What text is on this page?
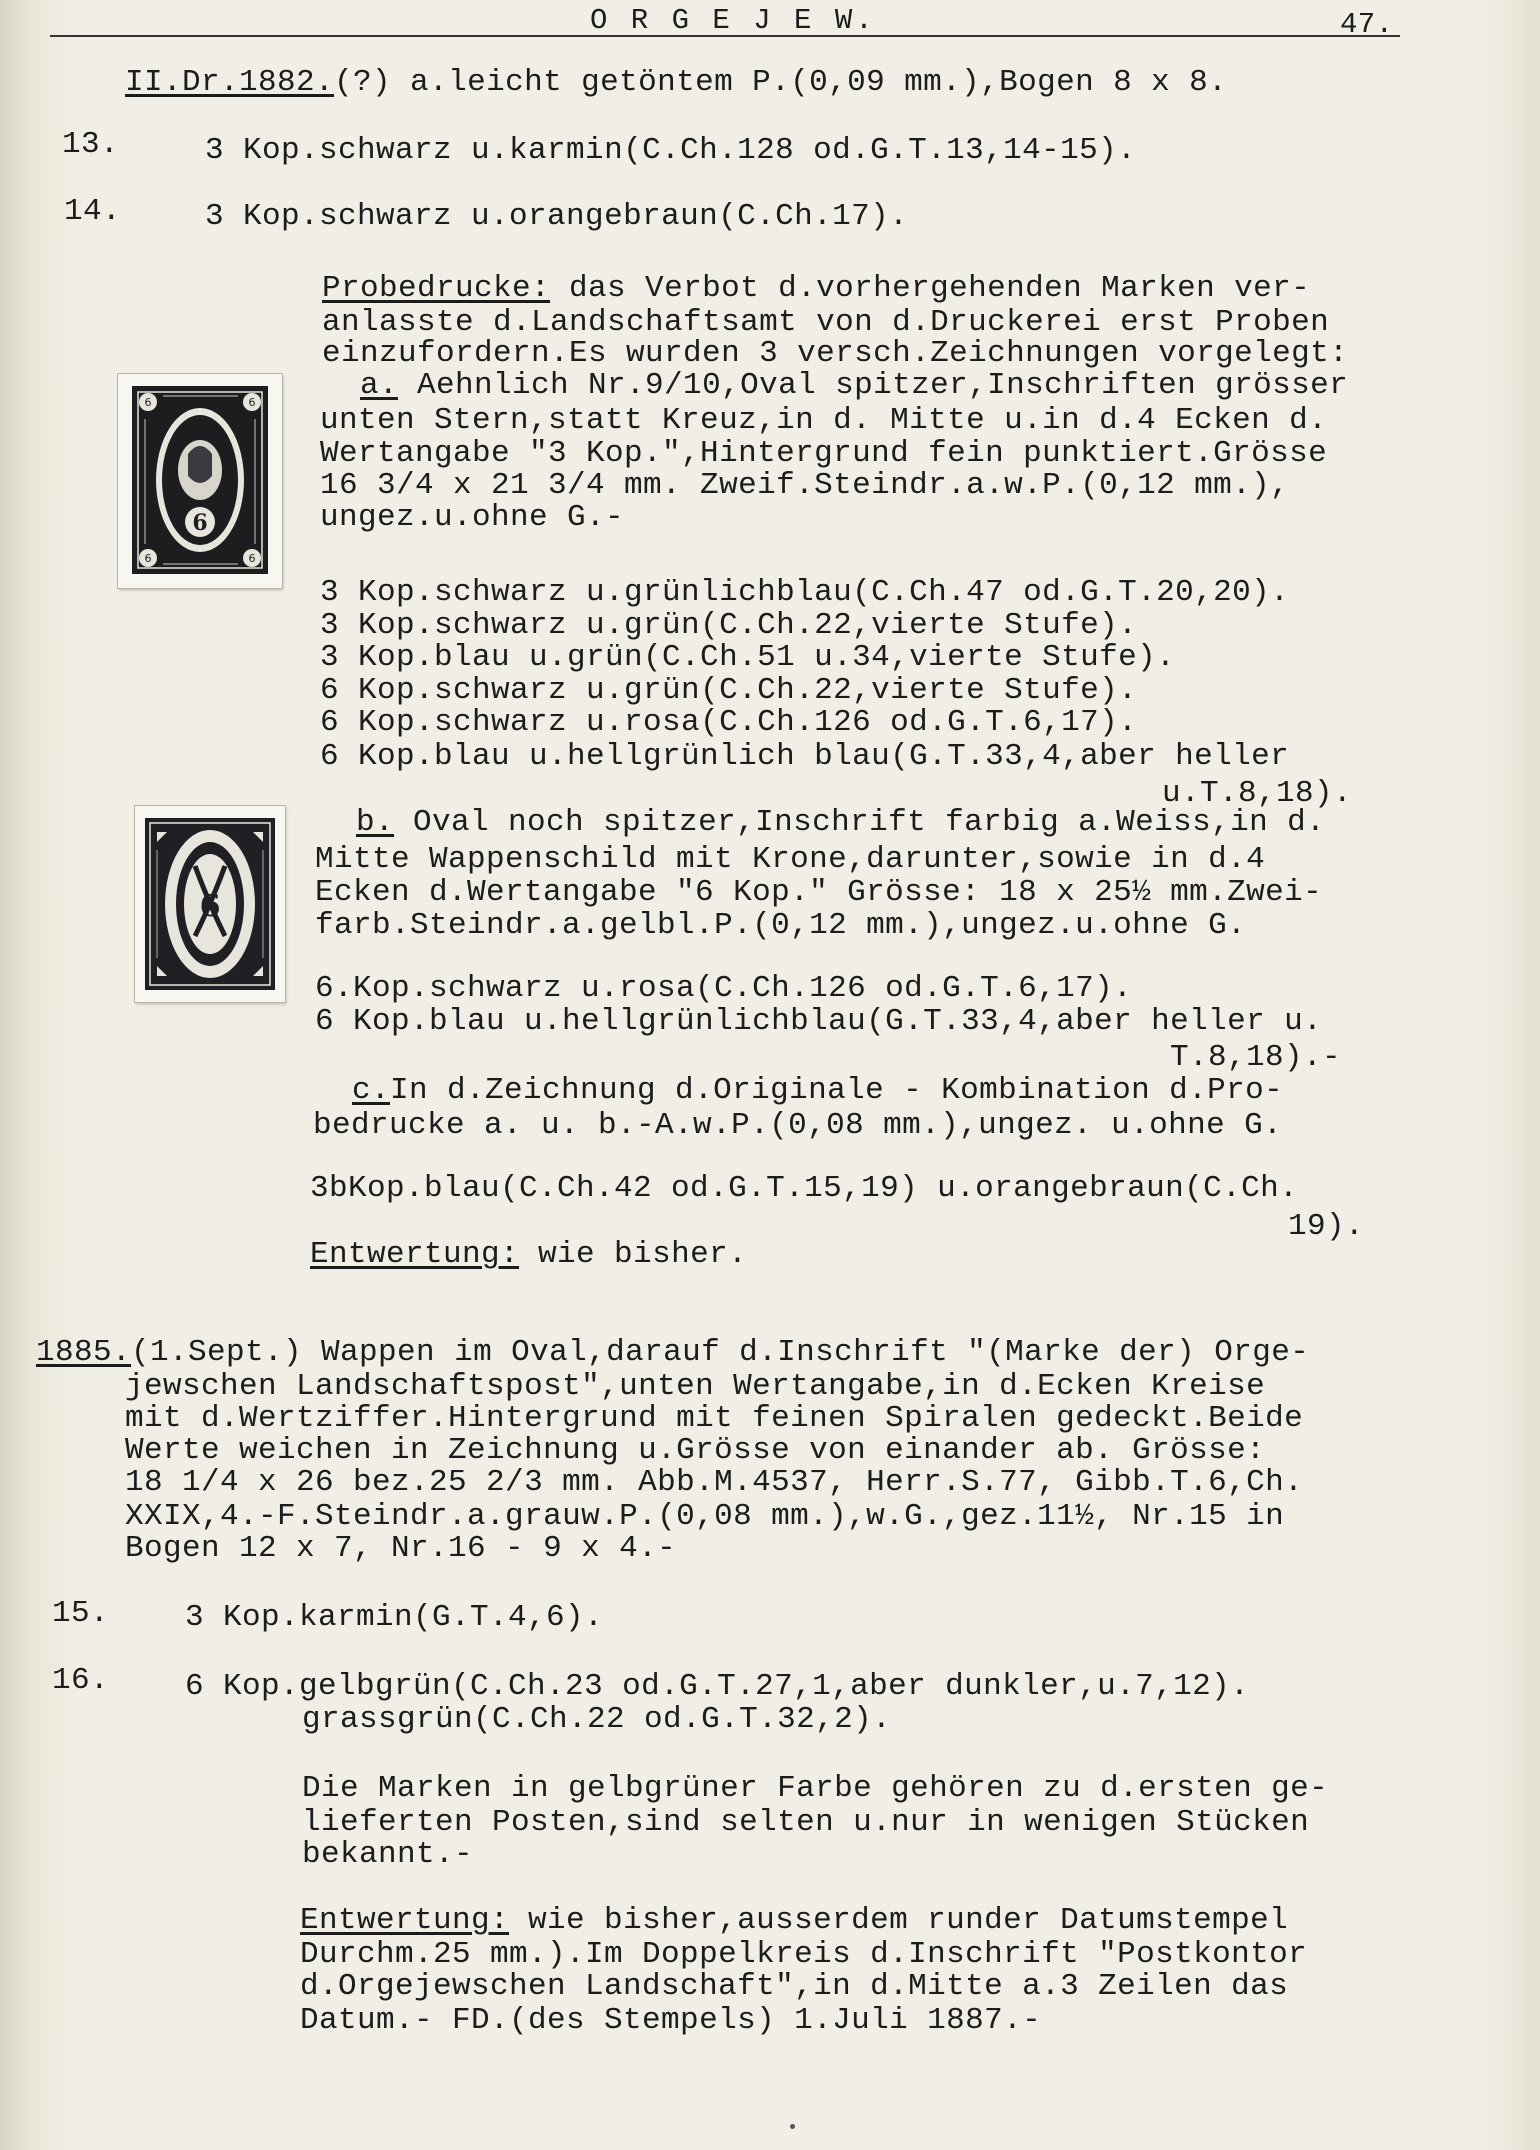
O R G E J E W.	47.
II.Dr.1882.(?) a.leicht getöntem P.(0,09 mm.),Bogen 8 x 8.
13.	3 Kop.schwarz u.karmin(C.Ch.128 od.G.T.13,14-15).
14.	3 Kop.schwarz u.orangebraun(C.Ch.17).
Probedrucke: das Verbot d.vorhergehenden Marken ver-
anlasste d.Landschaftsamt von d.Druckerei erst Proben
einzufordern.Es wurden 3 versch.Zeichnungen vorgelegt:
a. Aehnlich Nr.9/10,Oval spitzer,Inschriften grösser
unten Stern,statt Kreuz,in d. Mitte u.in d.4 Ecken d.
Wertangabe "3 Kop.",Hintergrund fein punktiert.Grösse
16 3/4 x 21 3/4 mm. Zweif.Steindr.a.w.P.(0,12 mm.),
ungez.u.ohne G.-
6
6	6
6	6
3 Kop.schwarz u.grünlichblau(C.Ch.47 od.G.T.20,20).
3 Kop.schwarz u.grün(C.Ch.22,vierte Stufe).
3 Kop.blau u.grün(C.Ch.51 u.34,vierte Stufe).
6 Kop.schwarz u.grün(C.Ch.22,vierte Stufe).
6 Kop.schwarz u.rosa(C.Ch.126 od.G.T.6,17).
6 Kop.blau u.hellgrünlich blau(G.T.33,4,aber heller
u.T.8,18).
b. Oval noch spitzer,Inschrift farbig a.Weiss,in d.
Mitte Wappenschild mit Krone,darunter,sowie in d.4
Ecken d.Wertangabe "6 Kop." Grösse: 18 x 25½ mm.Zwei-
farb.Steindr.a.gelbl.P.(0,12 mm.),ungez.u.ohne G.
6
6.Kop.schwarz u.rosa(C.Ch.126 od.G.T.6,17).
6 Kop.blau u.hellgrünlichblau(G.T.33,4,aber heller u.
T.8,18).-
c.In d.Zeichnung d.Originale - Kombination d.Pro-
bedrucke a. u. b.-A.w.P.(0,08 mm.),ungez. u.ohne G.
3bKop.blau(C.Ch.42 od.G.T.15,19) u.orangebraun(C.Ch.
19).
Entwertung: wie bisher.
1885.(1.Sept.) Wappen im Oval,darauf d.Inschrift "(Marke der) Orge-
jewschen Landschaftspost",unten Wertangabe,in d.Ecken Kreise
mit d.Wertziffer.Hintergrund mit feinen Spiralen gedeckt.Beide
Werte weichen in Zeichnung u.Grösse von einander ab. Grösse:
18 1/4 x 26 bez.25 2/3 mm. Abb.M.4537, Herr.S.77, Gibb.T.6,Ch.
XXIX,4.-F.Steindr.a.grauw.P.(0,08 mm.),w.G.,gez.11½, Nr.15 in
Bogen 12 x 7, Nr.16 - 9 x 4.-
15. 3 Kop.karmin(G.T.4,6).
16. 6 Kop.gelbgrün(C.Ch.23 od.G.T.27,1,aber dunkler,u.7,12).
grassgrün(C.Ch.22 od.G.T.32,2).
Die Marken in gelbgrüner Farbe gehören zu d.ersten ge-
lieferten Posten,sind selten u.nur in wenigen Stücken
bekannt.-
Entwertung: wie bisher,ausserdem runder Datumstempel
Durchm.25 mm.).Im Doppelkreis d.Inschrift "Postkontor
d.Orgejewschen Landschaft",in d.Mitte a.3 Zeilen das
Datum.- FD.(des Stempels) 1.Juli 1887.-
